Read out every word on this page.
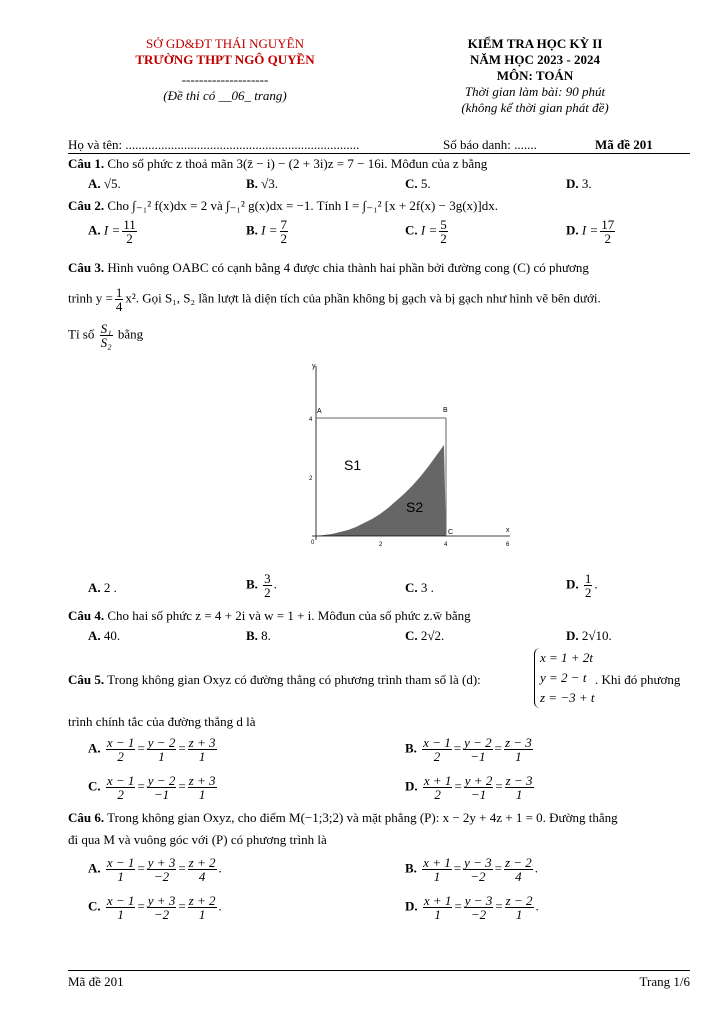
SỞ GD&ĐT THÁI NGUYÊN
TRƯỜNG THPT NGÔ QUYỀN
--------------------
(Đề thi có __06_ trang)
KIỂM TRA HỌC KỲ II
NĂM HỌC 2023 - 2024
MÔN: TOÁN
Thời gian làm bài: 90 phút
(không kể thời gian phát đề)
Họ và tên: ........................................................................	Số báo danh: .......	Mã đề 201
Câu 1. Cho số phức z thoả mãn 3(z̄ − i) − (2 + 3i)z = 7 − 16i. Môđun của z bằng
A. √5.	B. √3.	C. 5.	D. 3.
Câu 2. Cho ∫₋₁² f(x)dx = 2 và ∫₋₁² g(x)dx = −1. Tính I = ∫₋₁² [x + 2f(x) − 3g(x)]dx.
A. $I = \frac{11}{2}$	B. $I = \frac{7}{2}$	C. $I = \frac{5}{2}$	D. $I = \frac{17}{2}$
Câu 3. Hình vuông OABC có cạnh bằng 4 được chia thành hai phần bởi đường cong (C) có phương
trình $y = \frac{1}{4} x^2$. Gọi S₁, S₂ lần lượt là diện tích của phần không bị gạch và bị gạch như hình vẽ bên dưới.
Tỉ số $\frac{\text{S₁}}{\text{S₂}}$ bằng
y
x
A	B
C
0	2	4	6
2
4
S1
S2
A. 2 .	B. $\frac{3}{2}$ .	C. 3 .	D. $\frac{1}{2}$ .
Câu 4. Cho hai số phức z = 4 + 2i và w = 1 + i. Môđun của số phức z.w̄ bằng
A. 40.	B. 8.	C. 2√2.	D. 2√10.
Câu 5. Trong không gian Oxyz có đường thẳng có phương trình tham số là (d):
x = 1 + 2t
y = 2 − t
z = −3 + t
. Khi đó phương
trình chính tắc của đường thẳng d là
A. $\frac{x - 1}{2} = \frac{y - 2}{1} = \frac{z + 3}{1}$	B. $\frac{x - 1}{2} = \frac{y - 2}{-1} = \frac{z - 3}{1}$
C. $\frac{x - 1}{2} = \frac{y - 2}{-1} = \frac{z + 3}{1}$	D. $\frac{x + 1}{2} = \frac{y + 2}{-1} = \frac{z - 3}{1}$
Câu 6. Trong không gian Oxyz, cho điểm M(−1;3;2) và mặt phẳng (P): x − 2y + 4z + 1 = 0. Đường thẳng
đi qua M và vuông góc với (P) có phương trình là
A. $\frac{x - 1}{1} = \frac{y + 3}{-2} = \frac{z + 2}{4}$ .	B. $\frac{x + 1}{1} = \frac{y - 3}{-2} = \frac{z - 2}{4}$ .
C. $\frac{x - 1}{1} = \frac{y + 3}{-2} = \frac{z + 2}{1}$ .	D. $\frac{x + 1}{1} = \frac{y - 3}{-2} = \frac{z - 2}{1}$ .
Mã đề 201	Trang 1/6
